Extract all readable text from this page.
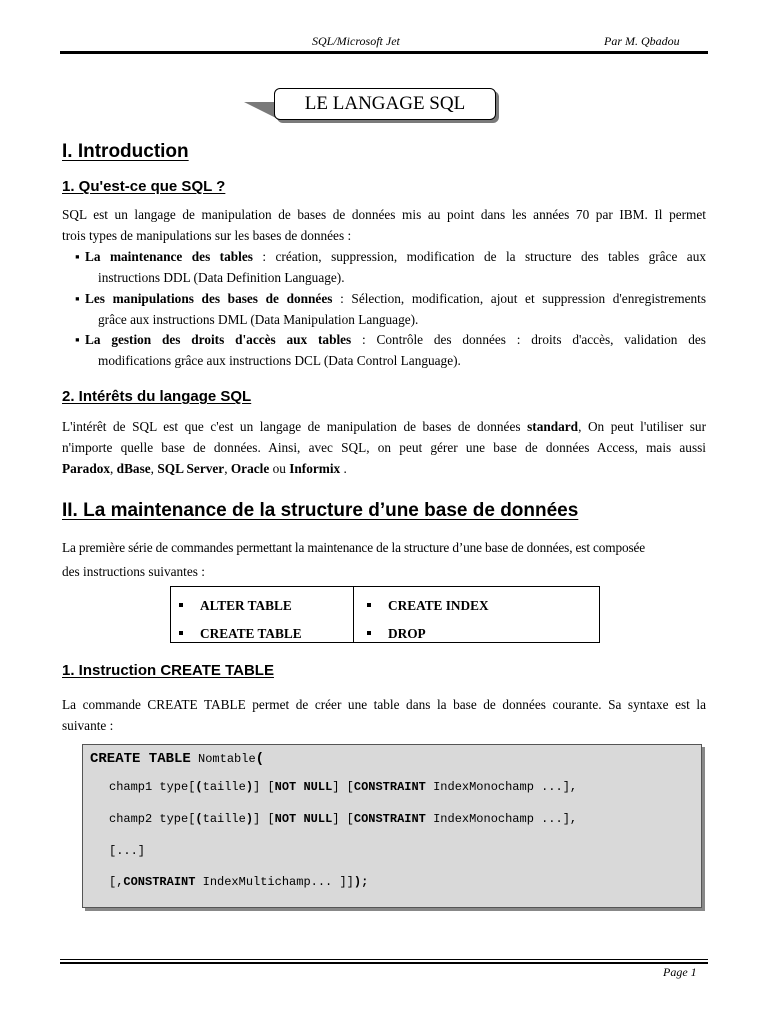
SQL/Microsoft Jet	Par M. Qbadou
LE LANGAGE SQL
I. Introduction
1. Qu'est-ce que SQL ?
SQL est un langage de manipulation de bases de données mis au point dans les années 70 par IBM. Il permet
trois types de manipulations sur les bases de données :
▪ La maintenance des tables : création, suppression, modification de la structure des tables grâce aux
instructions DDL (Data Definition Language).
▪ Les manipulations des bases de données : Sélection, modification, ajout et suppression d'enregistrements
grâce aux instructions DML (Data Manipulation Language).
▪ La gestion des droits d'accès aux tables : Contrôle des données : droits d'accès, validation des
modifications grâce aux instructions DCL (Data Control Language).
2. Intérêts du langage SQL
L'intérêt de SQL est que c'est un langage de manipulation de bases de données standard, On peut l'utiliser sur
n'importe quelle base de données. Ainsi, avec SQL, on peut gérer une base de données Access, mais aussi
Paradox, dBase, SQL Server, Oracle ou Informix .
II. La maintenance de la structure d’une base de données
La première série de commandes permettant la maintenance de la structure d’une base de données, est composée
des instructions suivantes :
ALTER TABLE	CREATE INDEX
CREATE TABLE	DROP
1. Instruction CREATE TABLE
La commande CREATE TABLE permet de créer une table dans la base de données courante. Sa syntaxe est la
suivante :
CREATE TABLE Nomtable(
champ1 type[(taille)] [NOT NULL] [CONSTRAINT IndexMonochamp ...],
champ2 type[(taille)] [NOT NULL] [CONSTRAINT IndexMonochamp ...],
[...]
[,CONSTRAINT IndexMultichamp... ]]);
Page 1
